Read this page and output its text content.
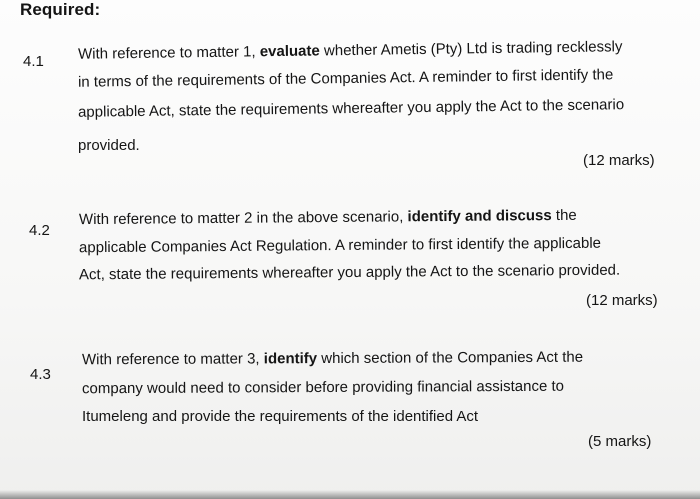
Required:
4.1 With reference to matter 1, evaluate whether Ametis (Pty) Ltd is trading recklessly
in terms of the requirements of the Companies Act. A reminder to first identify the
applicable Act, state the requirements whereafter you apply the Act to the scenario
provided.
(12 marks)
4.2
With reference to matter 2 in the above scenario, identify and discuss the
applicable Companies Act Regulation. A reminder to first identify the applicable
Act, state the requirements whereafter you apply the Act to the scenario provided.
(12 marks)
4.3
With reference to matter 3, identify which section of the Companies Act the
company would need to consider before providing financial assistance to
Itumeleng and provide the requirements of the identified Act
(5 marks)
